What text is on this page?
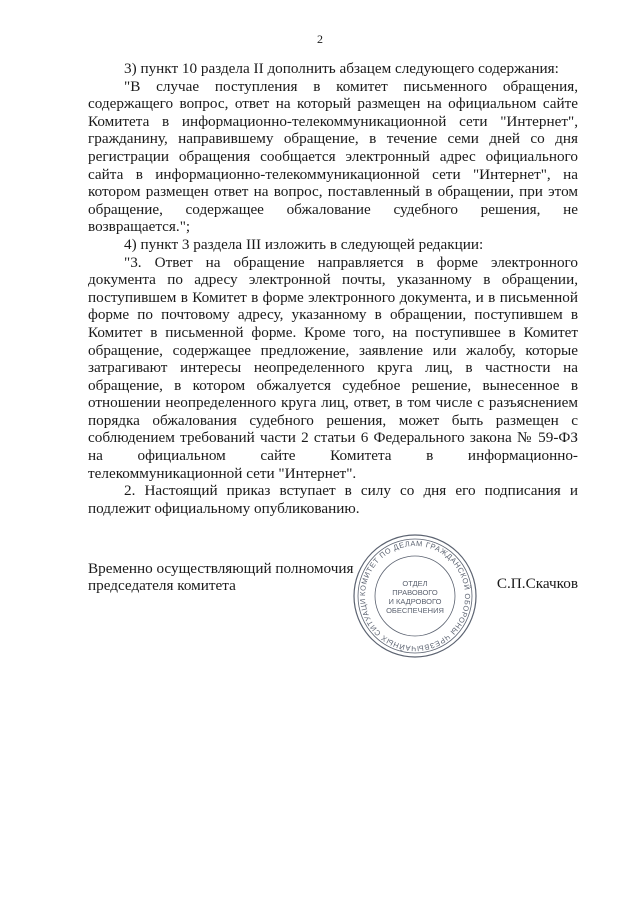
2

3) пункт 10 раздела II дополнить абзацем следующего содержания:

"В случае поступления в комитет письменного обращения, содержащего вопрос, ответ на который размещен на официальном сайте Комитета в информационно-телекоммуникационной сети "Интернет", гражданину, направившему обращение, в течение семи дней со дня регистрации обращения сообщается электронный адрес официального сайта в информационно-телекоммуникационной сети "Интернет", на котором размещен ответ на вопрос, поставленный в обращении, при этом обращение, содержащее обжалование судебного решения, не возвращается.";

4) пункт 3 раздела III изложить в следующей редакции:

"3. Ответ на обращение направляется в форме электронного документа по адресу электронной почты, указанному в обращении, поступившем в Комитет в форме электронного документа, и в письменной форме по почтовому адресу, указанному в обращении, поступившем в Комитет в письменной форме. Кроме того, на поступившее в Комитет обращение, содержащее предложение, заявление или жалобу, которые затрагивают интересы неопределенного круга лиц, в частности на обращение, в котором обжалуется судебное решение, вынесенное в отношении неопределенного круга лиц, ответ, в том числе с разъяснением порядка обжалования судебного решения, может быть размещен с соблюдением требований части 2 статьи 6 Федерального закона № 59-ФЗ на официальном сайте Комитета в информационно-телекоммуникационной сети "Интернет".

2. Настоящий приказ вступает в силу со дня его подписания и подлежит официальному опубликованию.

Временно осуществляющий полномочия председателя комитета	С.П.Скачков
КОМИТЕТ ПО ДЕЛАМ ГРАЖДАНСКОЙ ОБОРОНЫ ЧРЕЗВЫЧАЙНЫХ СИТУАЦИ
ОТДЕЛ
ПРАВОВОГО
И КАДРОВОГО
ОБЕСПЕЧЕНИЯ
